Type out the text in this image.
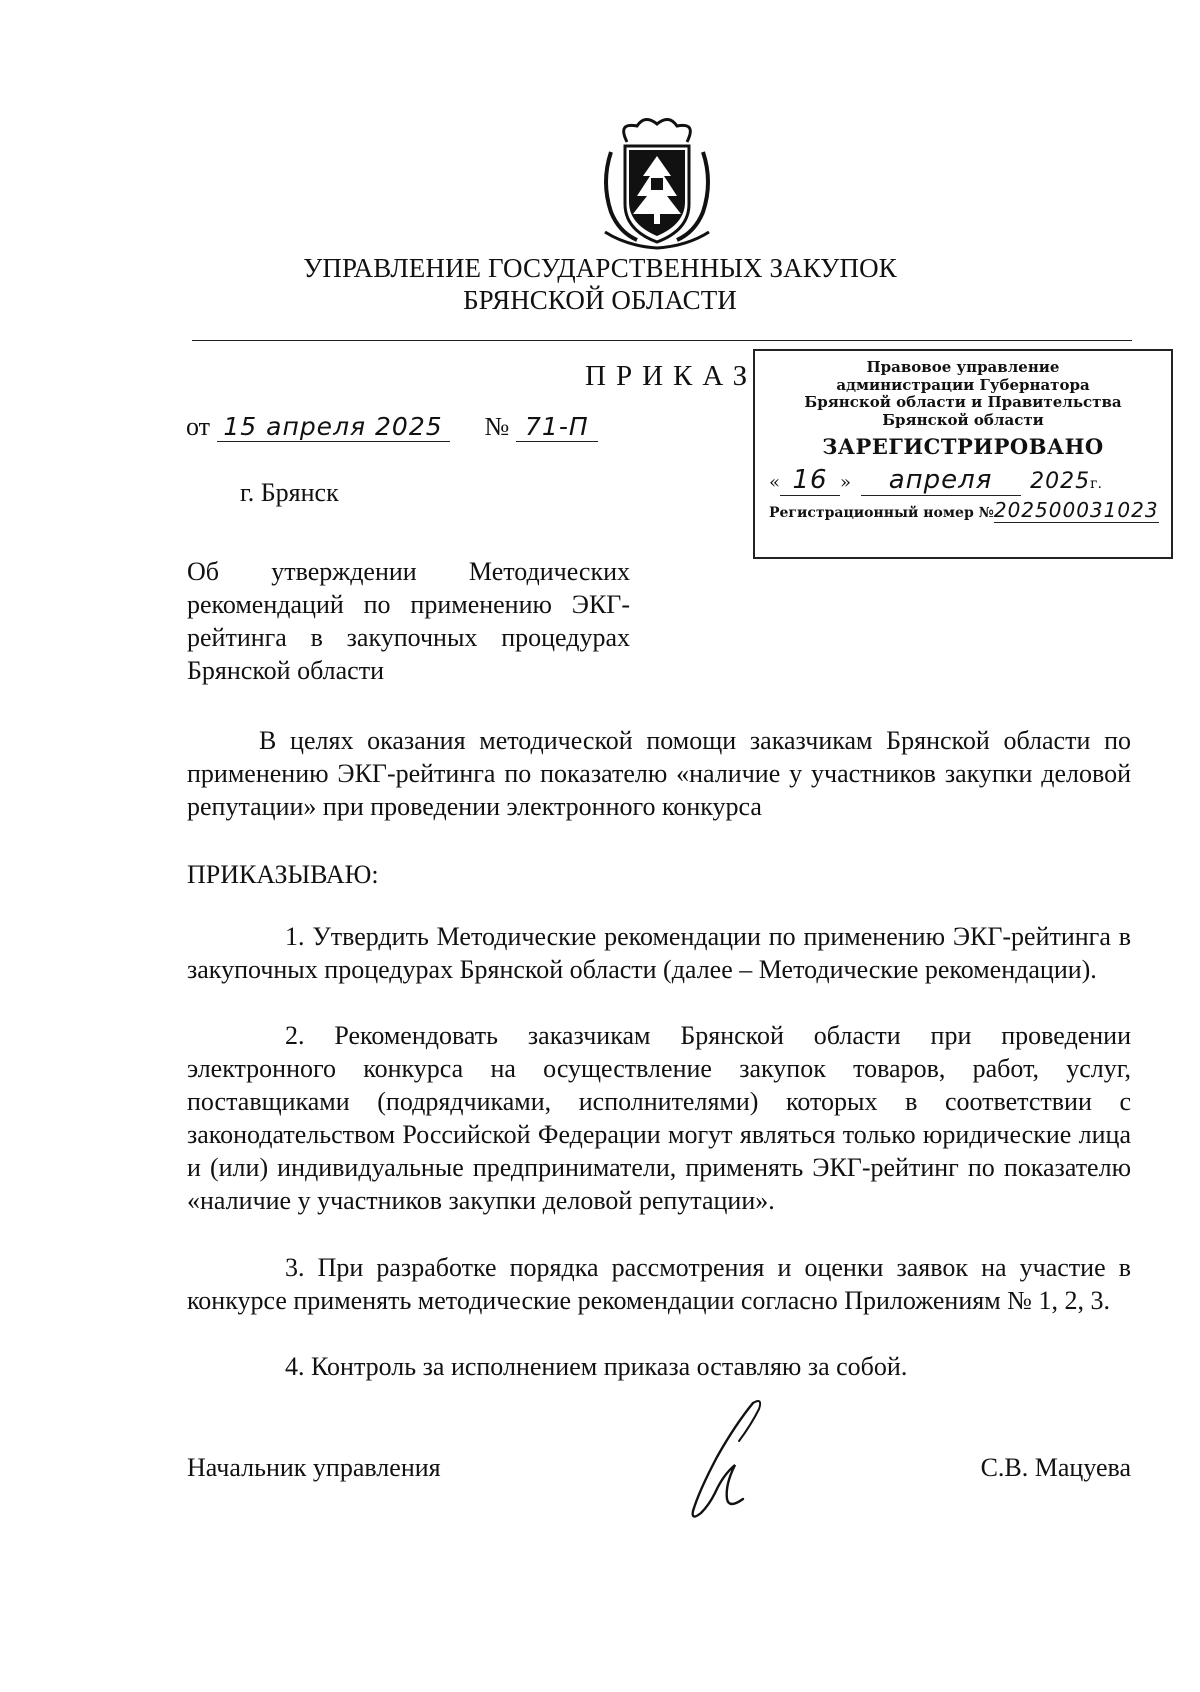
УПРАВЛЕНИЕ ГОСУДАРСТВЕННЫХ ЗАКУПОК
БРЯНСКОЙ ОБЛАСТИ
ПРИКАЗ
от 15 апреля 2025 № 71-П
г. Брянск
Правовое управление
администрации Губернатора
Брянской области и Правительства
Брянской области
ЗАРЕГИСТРИРОВАНО
« 16 » апреля 2025г.
Регистрационный номер №202500031023
Об утверждении Методических
рекомендаций по применению ЭКГ-рейтинга в закупочных процедурах Брянской области
В целях оказания методической помощи заказчикам Брянской области по применению ЭКГ-рейтинга по показателю «наличие у участников закупки деловой репутации» при проведении электронного конкурса
ПРИКАЗЫВАЮ:
1. Утвердить Методические рекомендации по применению ЭКГ-рейтинга в закупочных процедурах Брянской области (далее – Методические рекомендации).
2. Рекомендовать заказчикам Брянской области при проведении электронного конкурса на осуществление закупок товаров, работ, услуг, поставщиками (подрядчиками, исполнителями) которых в соответствии с законодательством Российской Федерации могут являться только юридические лица и (или) индивидуальные предприниматели, применять ЭКГ-рейтинг по показателю «наличие у участников закупки деловой репутации».
3. При разработке порядка рассмотрения и оценки заявок на участие в конкурсе применять методические рекомендации согласно Приложениям № 1, 2, 3.
4. Контроль за исполнением приказа оставляю за собой.
Начальник управления	С.В. Мацуева
